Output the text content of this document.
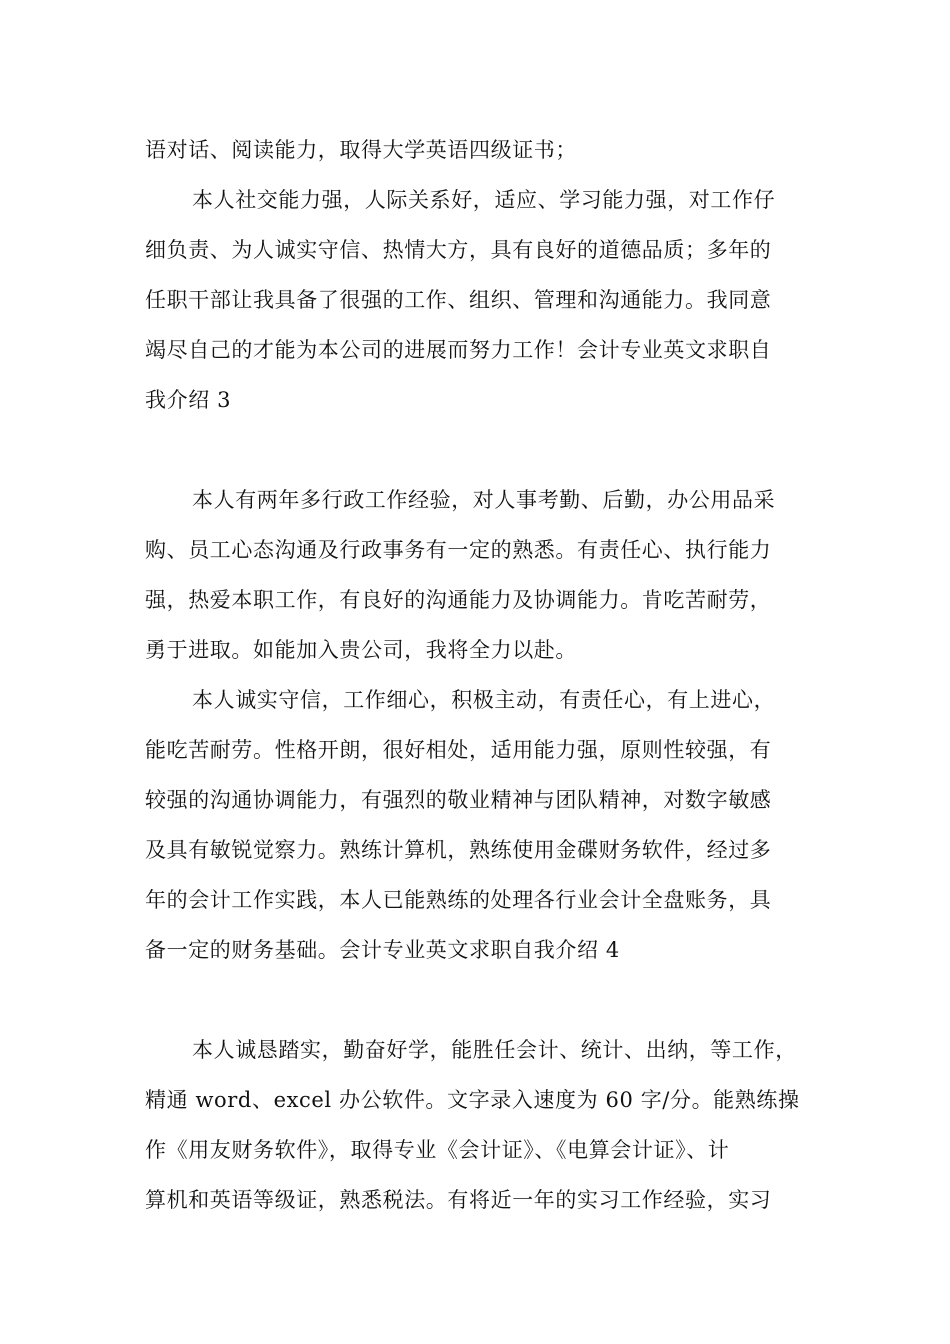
语对话、阅读能力，取得大学英语四级证书；
本人社交能力强，人际关系好，适应、学习能力强，对工作仔
细负责、为人诚实守信、热情大方，具有良好的道德品质；多年的
任职干部让我具备了很强的工作、组织、管理和沟通能力。我同意
竭尽自己的才能为本公司的进展而努力工作！会计专业英文求职自
我介绍 3
本人有两年多行政工作经验，对人事考勤、后勤，办公用品采
购、员工心态沟通及行政事务有一定的熟悉。有责任心、执行能力
强，热爱本职工作，有良好的沟通能力及协调能力。肯吃苦耐劳，
勇于进取。如能加入贵公司，我将全力以赴。
本人诚实守信，工作细心，积极主动，有责任心，有上进心，
能吃苦耐劳。性格开朗，很好相处，适用能力强，原则性较强，有
较强的沟通协调能力，有强烈的敬业精神与团队精神，对数字敏感
及具有敏锐觉察力。熟练计算机，熟练使用金碟财务软件，经过多
年的会计工作实践，本人已能熟练的处理各行业会计全盘账务，具
备一定的财务基础。会计专业英文求职自我介绍 4
本人诚恳踏实，勤奋好学，能胜任会计、统计、出纳，等工作，
精通 word、excel 办公软件。文字录入速度为 60 字/分。能熟练操
作《用友财务软件》，取得专业《会计证》、《电算会计证》、计
算机和英语等级证，熟悉税法。有将近一年的实习工作经验，实习
